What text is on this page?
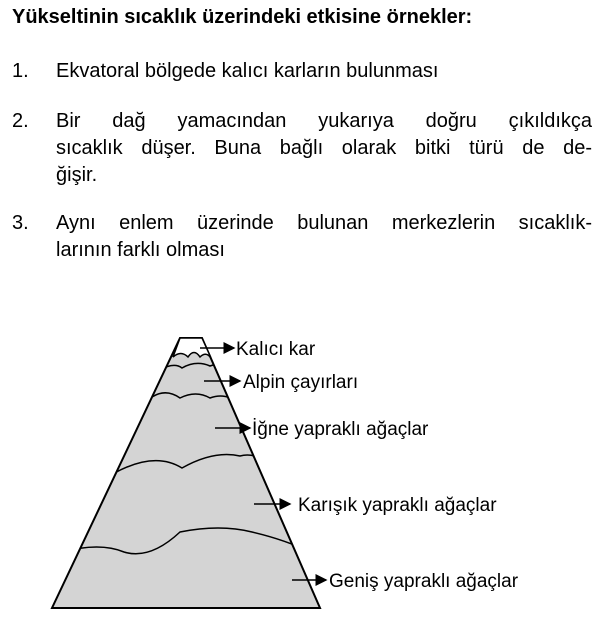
Yükseltinin sıcaklık üzerindeki etkisine örnekler:
1. Ekvatoral bölgede kalıcı karların bulunması
2. Bir dağ yamacından yukarıya doğru çıkıldıkça
sıcaklık düşer. Buna bağlı olarak bitki türü de de-
ğişir.
3. Aynı enlem üzerinde bulunan merkezlerin sıcaklık-
larının farklı olması
Kalıcı kar
Alpin çayırları
İğne yapraklı ağaçlar
Karışık yapraklı ağaçlar
Geniş yapraklı ağaçlar
